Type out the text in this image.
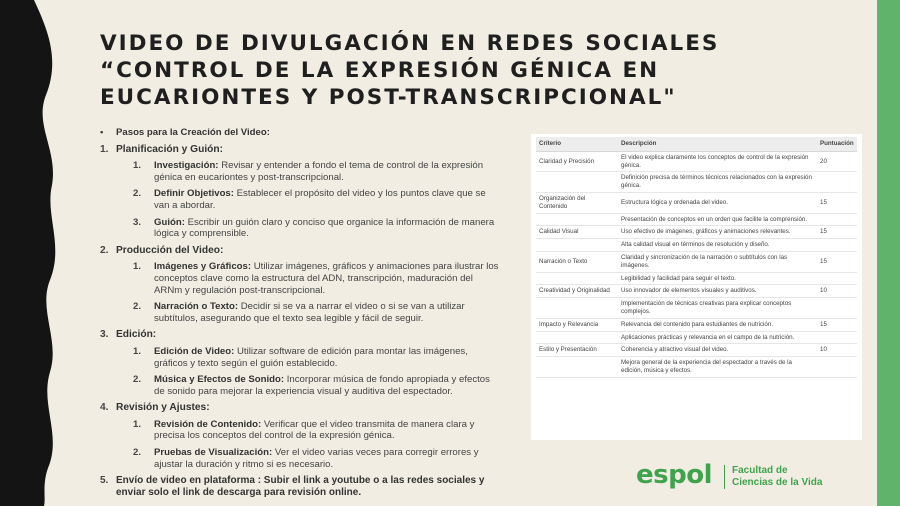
VIDEO DE DIVULGACIÓN EN REDES SOCIALES “CONTROL DE LA EXPRESIÓN GÉNICA EN EUCARIONTES Y POST-TRANSCRIPCIONAL"
• Pasos para la Creación del Video:
1. Planificación y Guión:
1. Investigación: Revisar y entender a fondo el tema de control de la expresión génica en eucariontes y post-transcripcional.
2. Definir Objetivos: Establecer el propósito del video y los puntos clave que se van a abordar.
3. Guión: Escribir un guión claro y conciso que organice la información de manera lógica y comprensible.
2. Producción del Video:
1. Imágenes y Gráficos: Utilizar imágenes, gráficos y animaciones para ilustrar los conceptos clave como la estructura del ADN, transcripción, maduración del ARNm y regulación post-transcripcional.
2. Narración o Texto: Decidir si se va a narrar el video o si se van a utilizar subtítulos, asegurando que el texto sea legible y fácil de seguir.
3. Edición:
1. Edición de Video: Utilizar software de edición para montar las imágenes, gráficos y texto según el guión establecido.
2. Música y Efectos de Sonido: Incorporar música de fondo apropiada y efectos de sonido para mejorar la experiencia visual y auditiva del espectador.
4. Revisión y Ajustes:
1. Revisión de Contenido: Verificar que el video transmita de manera clara y precisa los conceptos del control de la expresión génica.
2. Pruebas de Visualización: Ver el video varias veces para corregir errores y ajustar la duración y ritmo si es necesario.
5. Envío de video en plataforma : Subir el link a youtube o a las redes sociales y enviar solo el link de descarga para revisión online.
Criterio	Descripción	Puntuación
Claridad y Precisión	El video explica claramente los conceptos de control de la expresión génica.	20
	Definición precisa de términos técnicos relacionados con la expresión génica.	
Organización del Contenido	Estructura lógica y ordenada del video.	15
	Presentación de conceptos en un orden que facilite la comprensión.	
Calidad Visual	Uso efectivo de imágenes, gráficos y animaciones relevantes.	15
	Alta calidad visual en términos de resolución y diseño.	
Narración o Texto	Claridad y sincronización de la narración o subtítulos con las imágenes.	15
	Legibilidad y facilidad para seguir el texto.	
Creatividad y Originalidad	Uso innovador de elementos visuales y auditivos.	10
	Implementación de técnicas creativas para explicar conceptos complejos.	
Impacto y Relevancia	Relevancia del contenido para estudiantes de nutrición.	15
	Aplicaciones prácticas y relevancia en el campo de la nutrición.	
Estilo y Presentación	Coherencia y atractivo visual del video.	10
	Mejora general de la experiencia del espectador a través de la edición, música y efectos.	
espol Facultad de
Ciencias de la Vida
